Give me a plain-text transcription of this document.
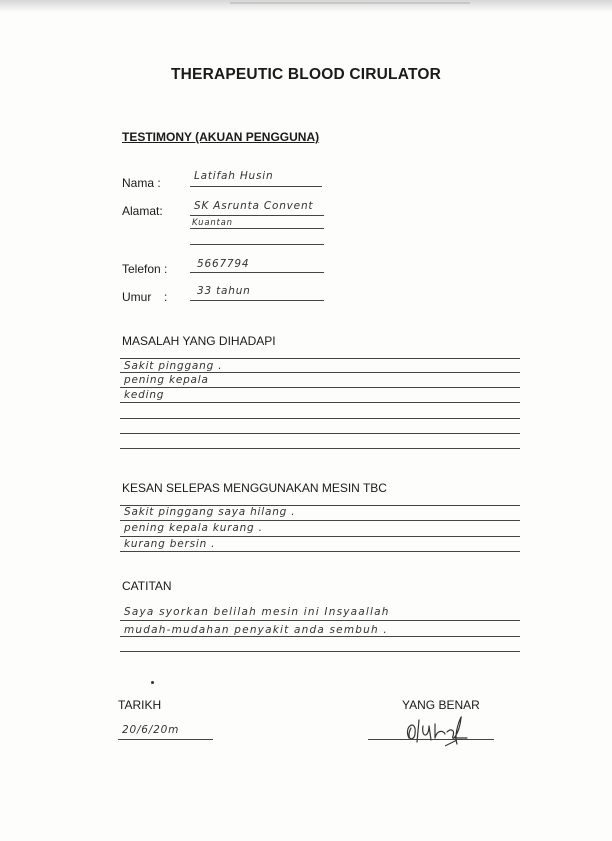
THERAPEUTIC BLOOD CIRULATOR
TESTIMONY (AKUAN PENGGUNA)
Nama :	Latifah Husin
Alamat:	SK Asrunta Convent
Kuantan
Telefon :	5667794
Umur :	33 tahun
MASALAH YANG DIHADAPI
Sakit pinggang .
pening kepala
keding
KESAN SELEPAS MENGGUNAKAN MESIN TBC
Sakit pinggang saya hilang .
pening kepala kurang .
kurang bersin .
CATITAN
Saya syorkan belilah mesin ini Insyaallah
mudah-mudahan penyakit anda sembuh .
TARIKH
20/6/20m
YANG BENAR
